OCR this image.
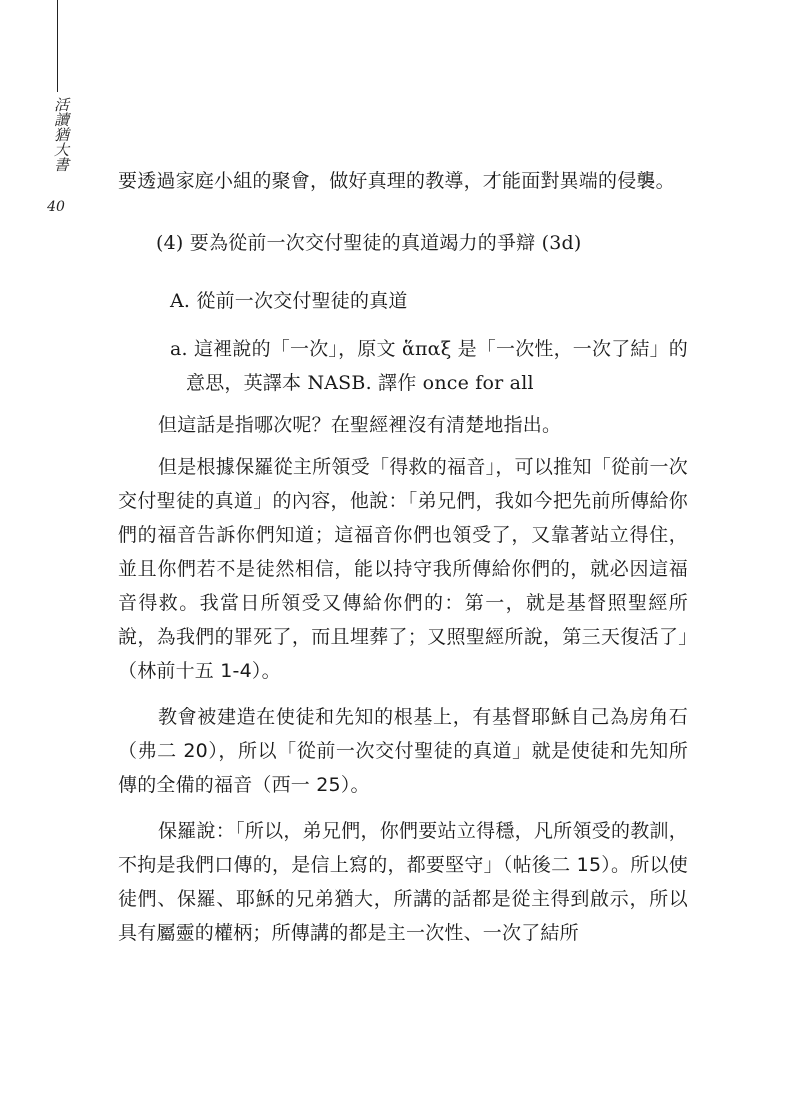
活讀猶大書
40

要透過家庭小組的聚會，做好真理的教導，才能面對異端的侵襲。

(4) 要為從前一次交付聖徒的真道竭力的爭辯 (3d)

A. 從前一次交付聖徒的真道

a. 這裡說的「一次」，原文 ἅπαξ 是「一次性，一次了結」的
意思，英譯本 NASB. 譯作 once for all

但這話是指哪次呢？在聖經裡沒有清楚地指出。

但是根據保羅從主所領受「得救的福音」，可以推知「從前一次交付聖徒的真道」的內容，他說：「弟兄們，我如今把先前所傳給你們的福音告訴你們知道；這福音你們也領受了，又靠著站立得住，並且你們若不是徒然相信，能以持守我所傳給你們的，就必因這福音得救。我當日所領受又傳給你們的：第一，就是基督照聖經所說，為我們的罪死了，而且埋葬了；又照聖經所說，第三天復活了」（林前十五 1-4）。

教會被建造在使徒和先知的根基上，有基督耶穌自己為房角石（弗二 20），所以「從前一次交付聖徒的真道」就是使徒和先知所傳的全備的福音（西一 25）。

保羅說：「所以，弟兄們，你們要站立得穩，凡所領受的教訓，不拘是我們口傳的，是信上寫的，都要堅守」（帖後二 15）。所以使徒們、保羅、耶穌的兄弟猶大，所講的話都是從主得到啟示，所以具有屬靈的權柄；所傳講的都是主一次性、一次了結所
